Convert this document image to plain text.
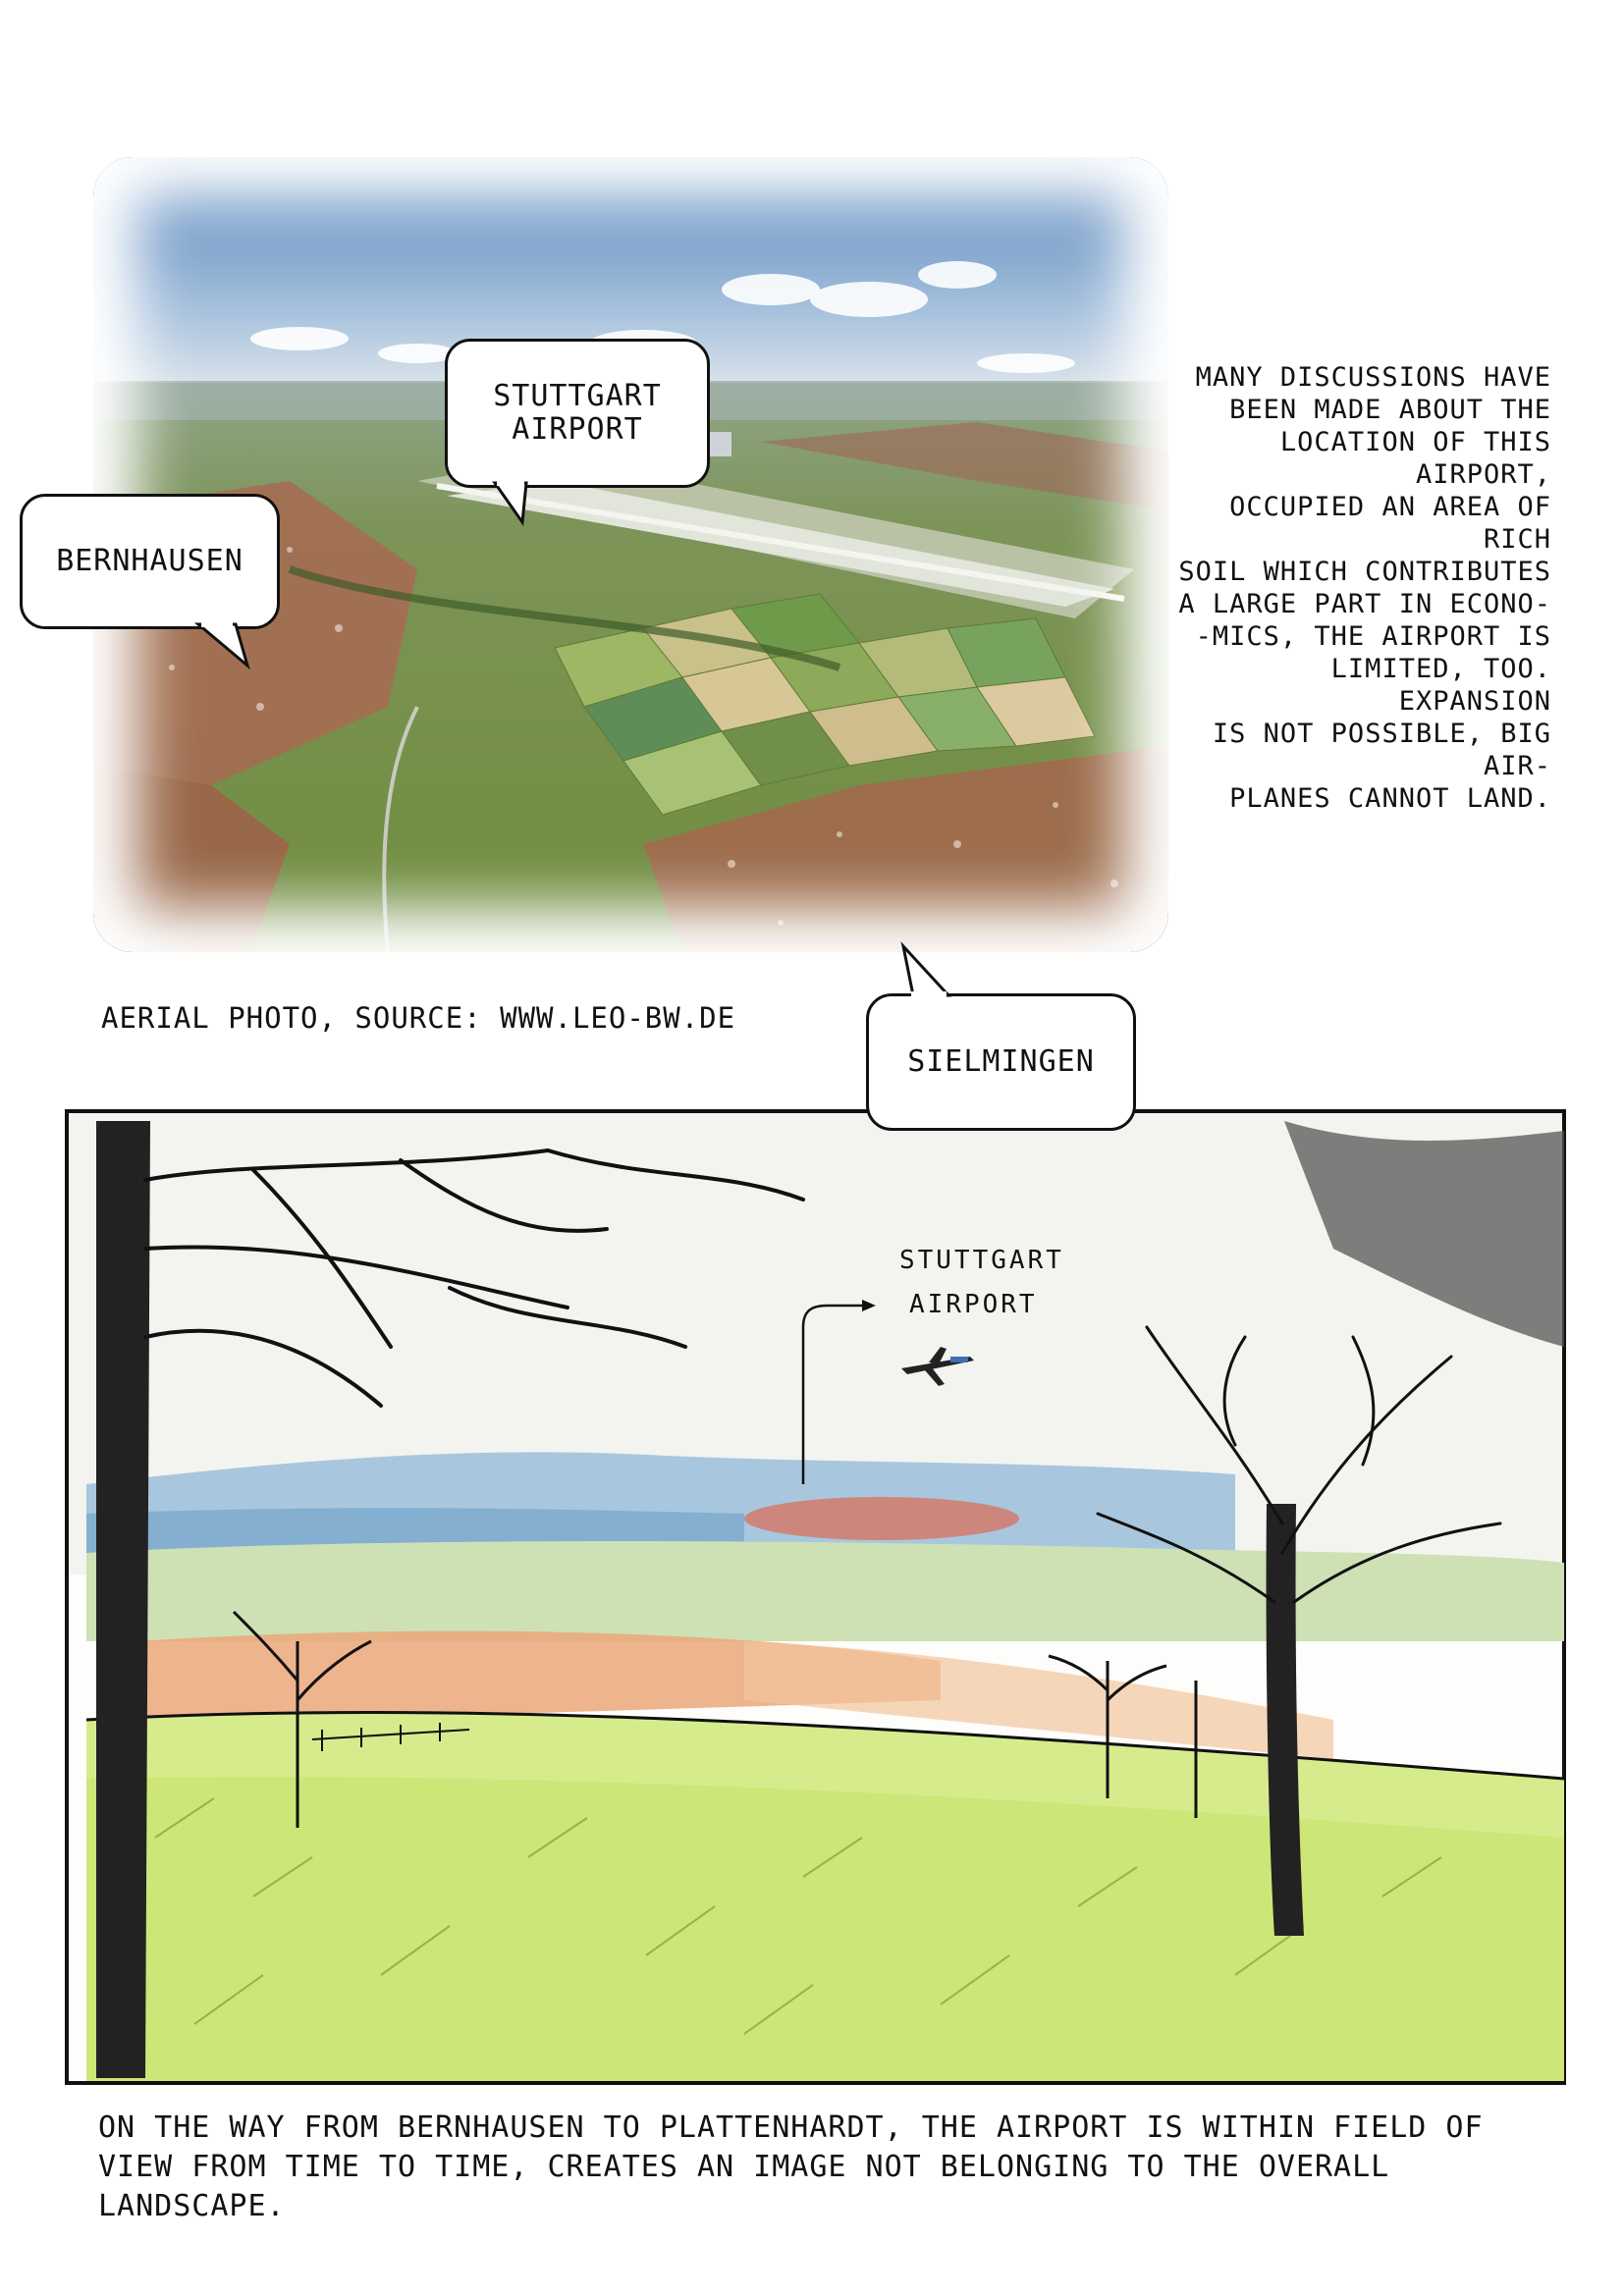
STUTTGART
AIRPORT
BERNHAUSEN
MANY DISCUSSIONS HAVE
BEEN MADE ABOUT THE
LOCATION OF THIS AIRPORT,
OCCUPIED AN AREA OF RICH
SOIL WHICH CONTRIBUTES
A LARGE PART IN ECONO-
-MICS, THE AIRPORT IS
LIMITED, TOO. EXPANSION
IS NOT POSSIBLE, BIG AIR-
PLANES CANNOT LAND.
AERIAL PHOTO, SOURCE: WWW.LEO-BW.DE
STUTTGART
AIRPORT
SIELMINGEN
ON THE WAY FROM BERNHAUSEN TO PLATTENHARDT, THE AIRPORT IS WITHIN FIELD OF VIEW FROM TIME TO TIME, CREATES AN IMAGE NOT BELONGING TO THE OVERALL LANDSCAPE.
